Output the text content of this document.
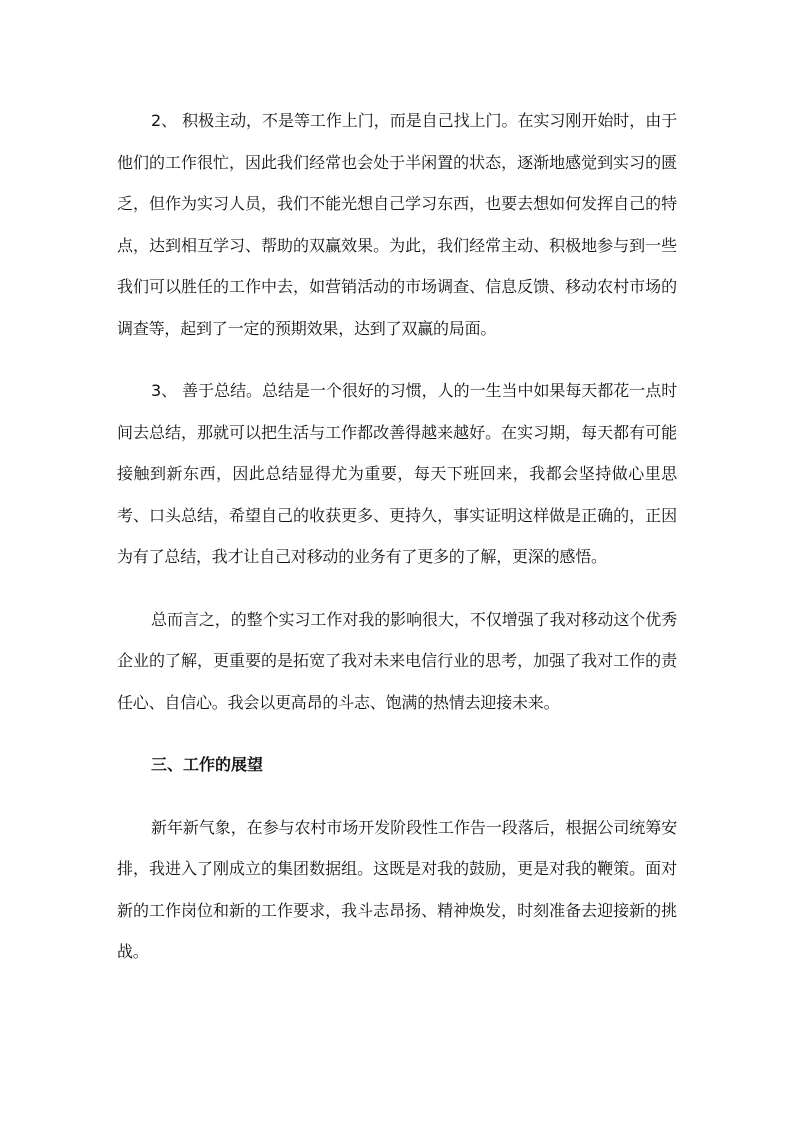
2、 积极主动，不是等工作上门，而是自己找上门。在实习刚开始时，由于他们的工作很忙，因此我们经常也会处于半闲置的状态，逐渐地感觉到实习的匮乏，但作为实习人员，我们不能光想自己学习东西，也要去想如何发挥自己的特点，达到相互学习、帮助的双赢效果。为此，我们经常主动、积极地参与到一些我们可以胜任的工作中去，如营销活动的市场调查、信息反馈、移动农村市场的调查等，起到了一定的预期效果，达到了双赢的局面。

3、 善于总结。总结是一个很好的习惯，人的一生当中如果每天都花一点时间去总结，那就可以把生活与工作都改善得越来越好。在实习期，每天都有可能接触到新东西，因此总结显得尤为重要，每天下班回来，我都会坚持做心里思考、口头总结，希望自己的收获更多、更持久，事实证明这样做是正确的，正因为有了总结，我才让自己对移动的业务有了更多的了解，更深的感悟。

总而言之，的整个实习工作对我的影响很大，不仅增强了我对移动这个优秀企业的了解，更重要的是拓宽了我对未来电信行业的思考，加强了我对工作的责任心、自信心。我会以更高昂的斗志、饱满的热情去迎接未来。

三、工作的展望

新年新气象，在参与农村市场开发阶段性工作告一段落后，根据公司统筹安排，我进入了刚成立的集团数据组。这既是对我的鼓励，更是对我的鞭策。面对新的工作岗位和新的工作要求，我斗志昂扬、精神焕发，时刻准备去迎接新的挑战。
